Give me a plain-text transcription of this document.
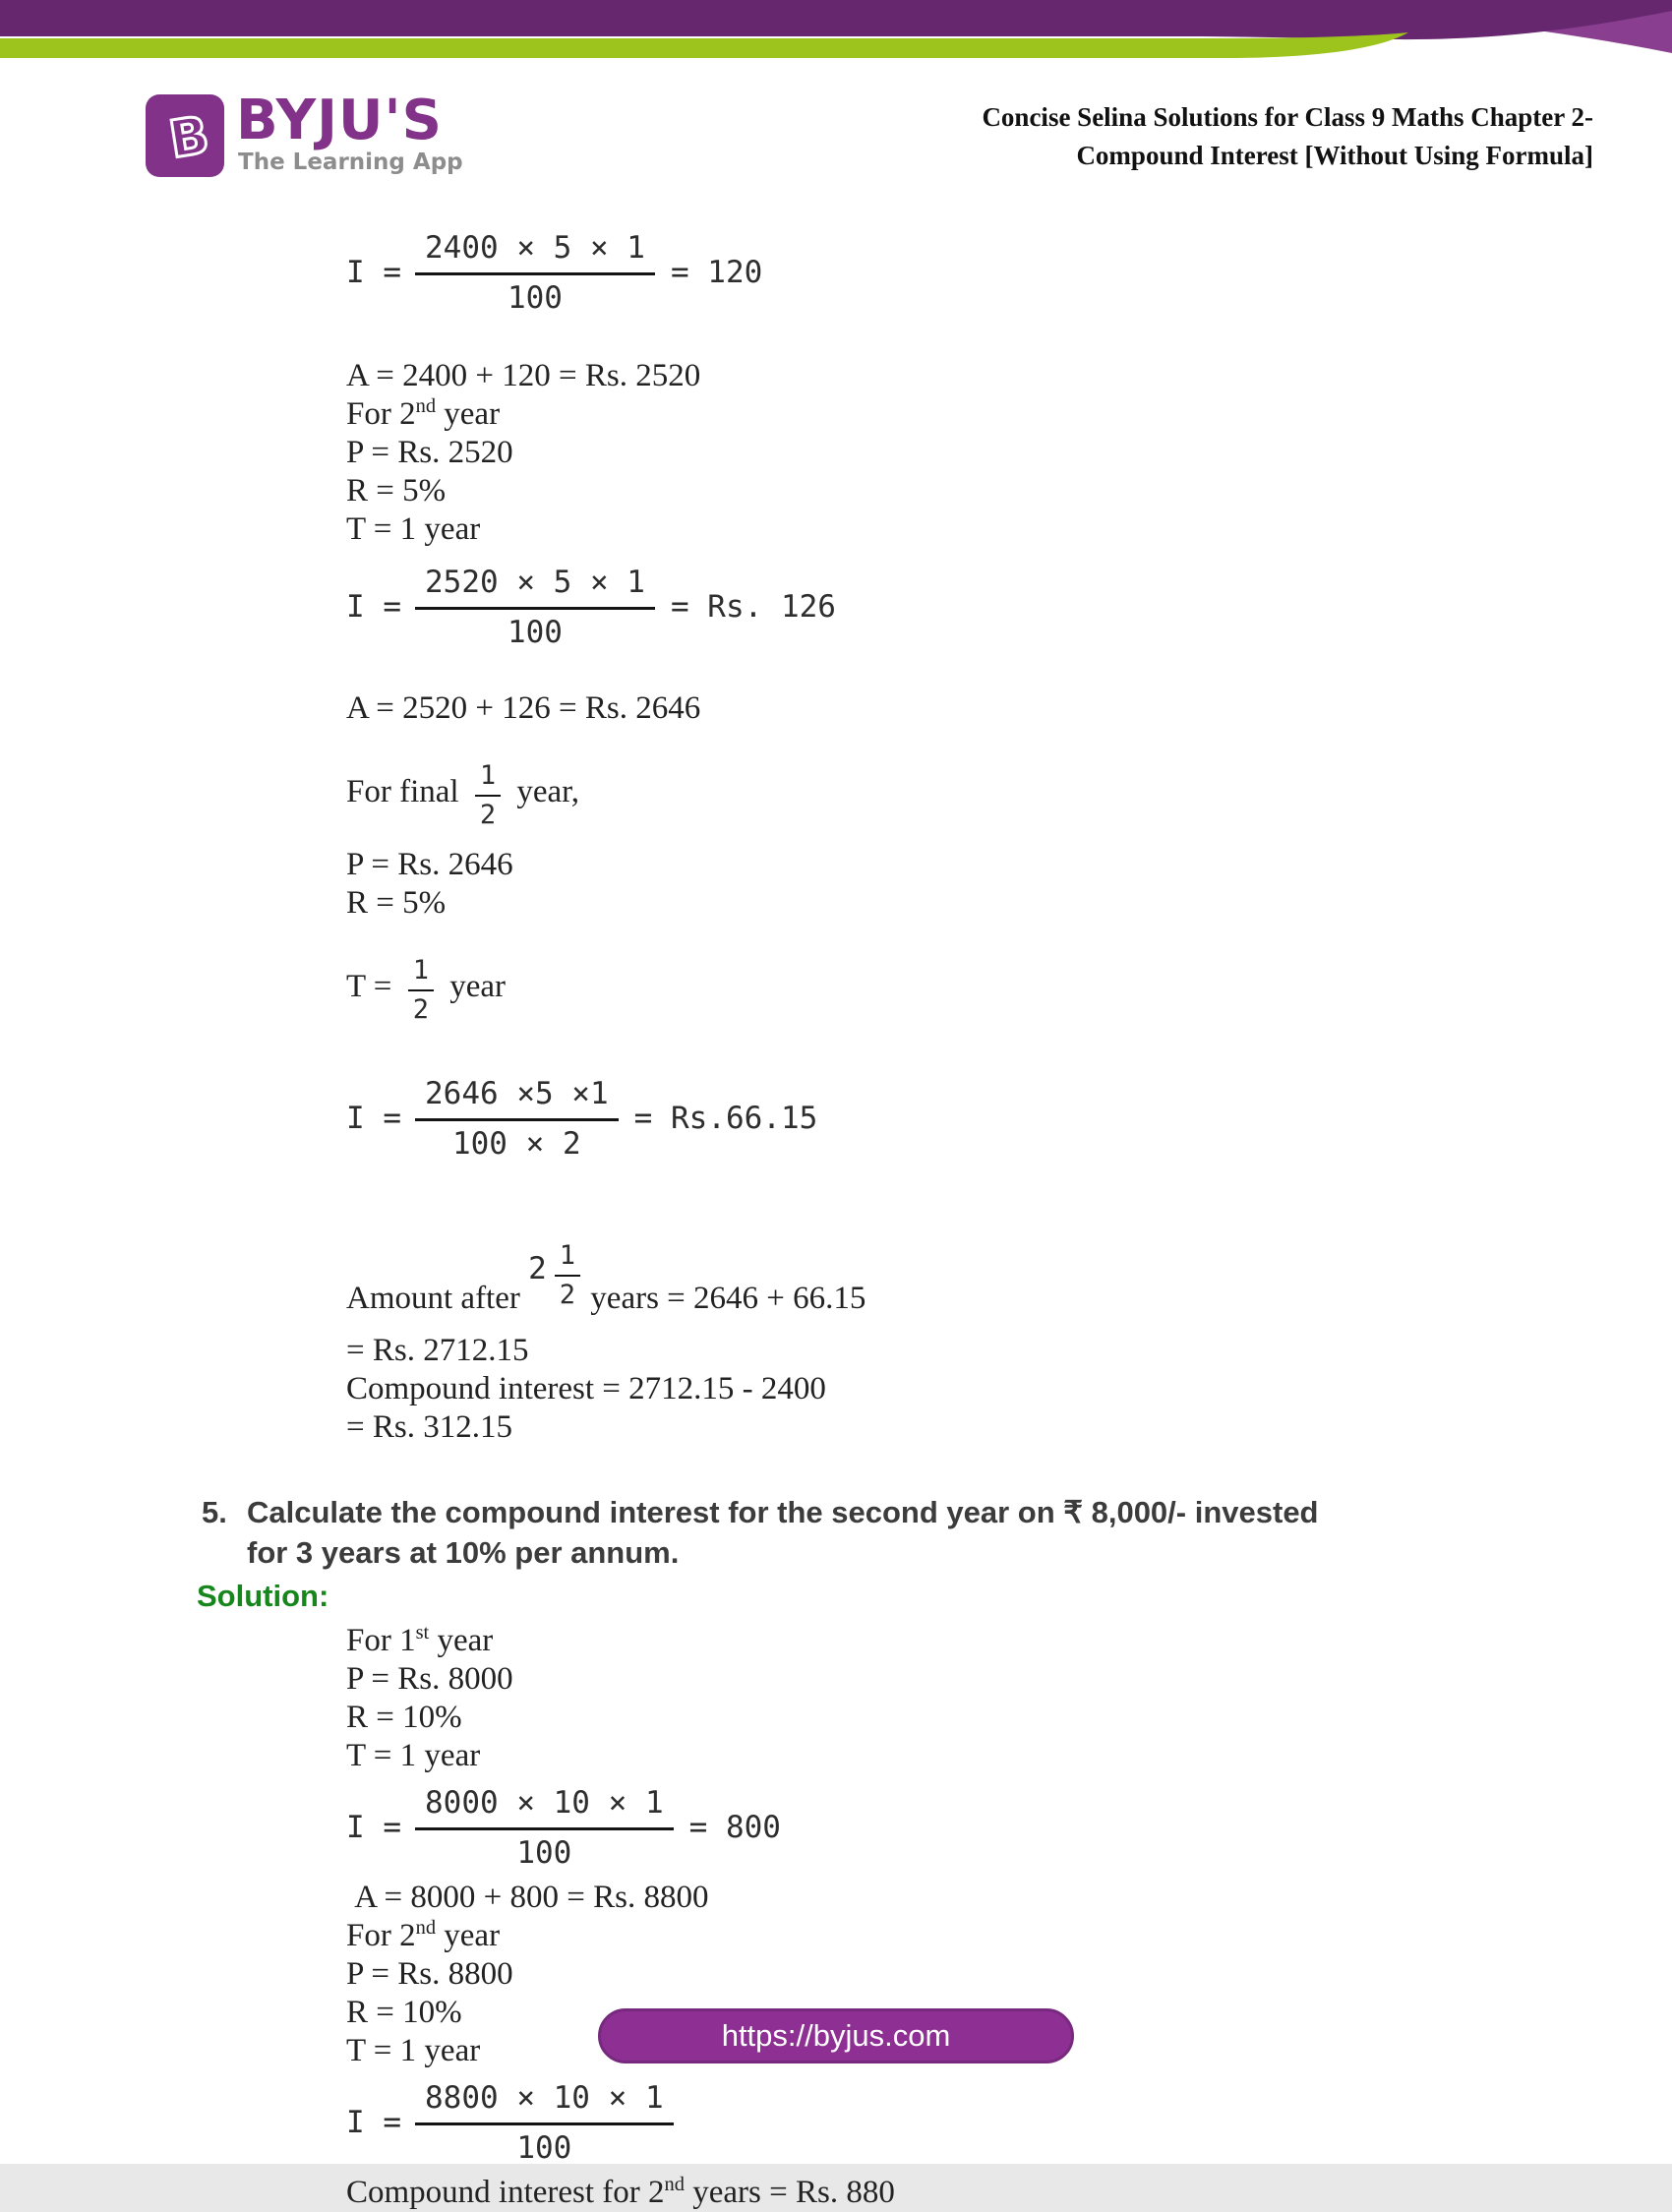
B BYJU'S
The Learning App
Concise Selina Solutions for Class 9 Maths Chapter 2-
Compound Interest [Without Using Formula]
$I = \frac{2400 \times 5 \times 1}{100} = 120$
A = 2400 + 120 = Rs. 2520
For 2nd year
P = Rs. 2520
R = 5%
T = 1 year
$I = \frac{2520 \times 5 \times 1}{100} = Rs$. 126
A = 2520 + 126 = Rs. 2646
For final $\frac{1}{2}$ year,
P = Rs. 2646
R = 5%
$T = \frac{1}{2}$ year
$I = \frac{2646 \times 5 \times 1}{100 \times 2} = Rs.66.15$
Amount after
2 1
2 years = 2646 + 66.15
= Rs. 2712.15
Compound interest = 2712.15 - 2400
= Rs. 312.15
5. Calculate the compound interest for the second year on ₹ 8,000/- invested
for 3 years at 10% per annum.
Solution:
For 1st year
P = Rs. 8000
R = 10%
T = 1 year
$I = \frac{8000 \times 10 \times 1}{100} = 800$
A = 8000 + 800 = Rs. 8800
For 2nd year
P = Rs. 8800
R = 10%
T = 1 year
$I = \frac{8800 \times 10 \times 1}{100}$
Compound interest for 2nd years = Rs. 880
https://byjus.com
